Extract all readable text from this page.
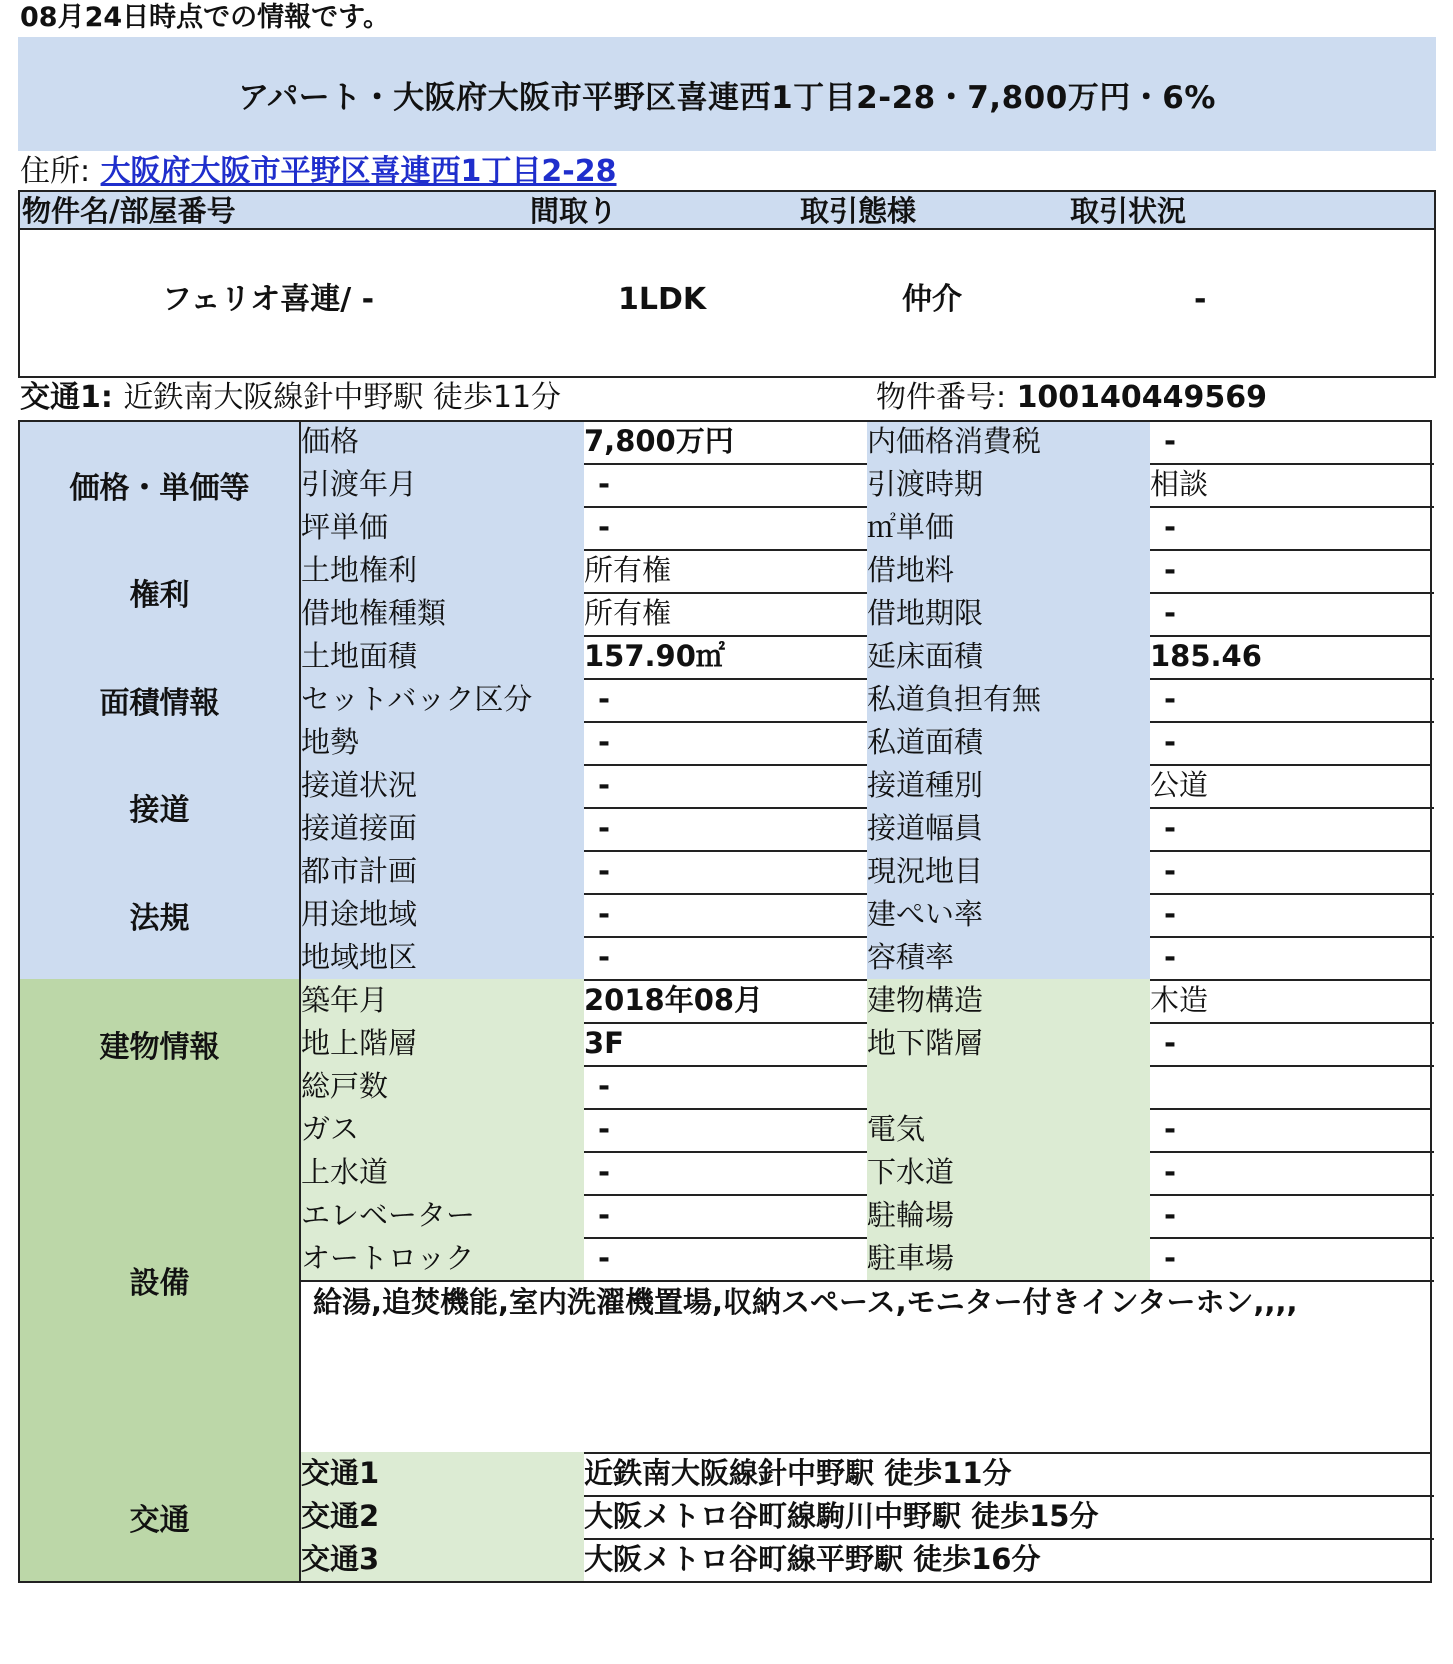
08月24日時点での情報です。
アパート・大阪府大阪市平野区喜連西1丁目2-28・7,800万円・6%
住所: 大阪府大阪市平野区喜連西1丁目2-28
物件名/部屋番号	間取り	取引態様	取引状況
フェリオ喜連/ -	1LDK	仲介	-
交通1: 近鉄南大阪線針中野駅 徒歩11分	物件番号: 100140449569
価格・単価等
価格	7,800万円	内価格消費税	-
引渡年月	-	引渡時期	相談
坪単価	-	㎡単価	-
権利
土地権利	所有権	借地料	-
借地権種類	所有権	借地期限	-
面積情報
土地面積	157.90㎡	延床面積	185.46
セットバック区分	-	私道負担有無	-
地勢	-	私道面積	-
接道
接道状況	-	接道種別	公道
接道接面	-	接道幅員	-
法規
都市計画	-	現況地目	-
用途地域	-	建ぺい率	-
地域地区	-	容積率	-
建物情報
築年月	2018年08月	建物構造	木造
地上階層	3F	地下階層	-
総戸数	-
設備
ガス	-	電気	-
上水道	-	下水道	-
エレベーター	-	駐輪場	-
オートロック	-	駐車場	-
給湯,追焚機能,室内洗濯機置場,収納スペース,モニター付きインターホン,,,,
交通
交通1	近鉄南大阪線針中野駅 徒歩11分
交通2	大阪メトロ谷町線駒川中野駅 徒歩15分
交通3	大阪メトロ谷町線平野駅 徒歩16分
